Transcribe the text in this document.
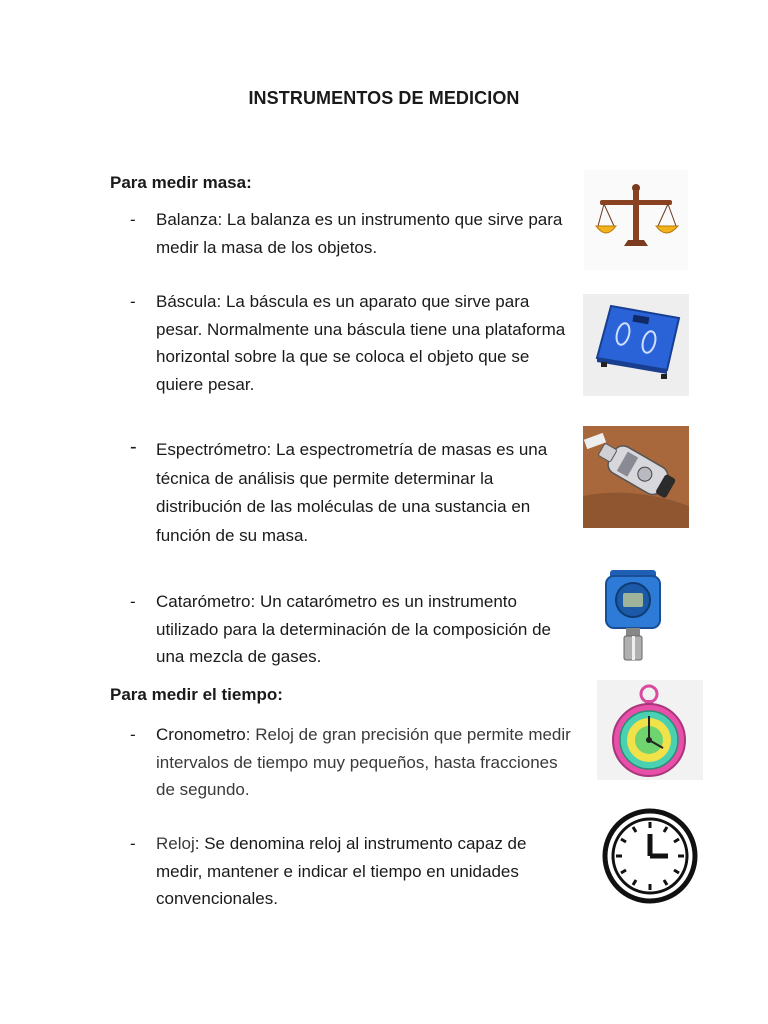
INSTRUMENTOS DE MEDICION
Para medir masa:
- Balanza: La balanza es un instrumento que sirve para medir la masa de los objetos.
- Báscula: La báscula es un aparato que sirve para pesar. Normalmente una báscula tiene una plataforma horizontal sobre la que se coloca el objeto que se quiere pesar.
- Espectrómetro: La espectrometría de masas es una técnica de análisis que permite determinar la distribución de las moléculas de una sustancia en función de su masa.
- Catarómetro: Un catarómetro es un instrumento utilizado para la determinación de la composición de una mezcla de gases.
Para medir el tiempo:
- Cronometro: Reloj de gran precisión que permite medir intervalos de tiempo muy pequeños, hasta fracciones de segundo.
- Reloj: Se denomina reloj al instrumento capaz de medir, mantener e indicar el tiempo en unidades convencionales.
